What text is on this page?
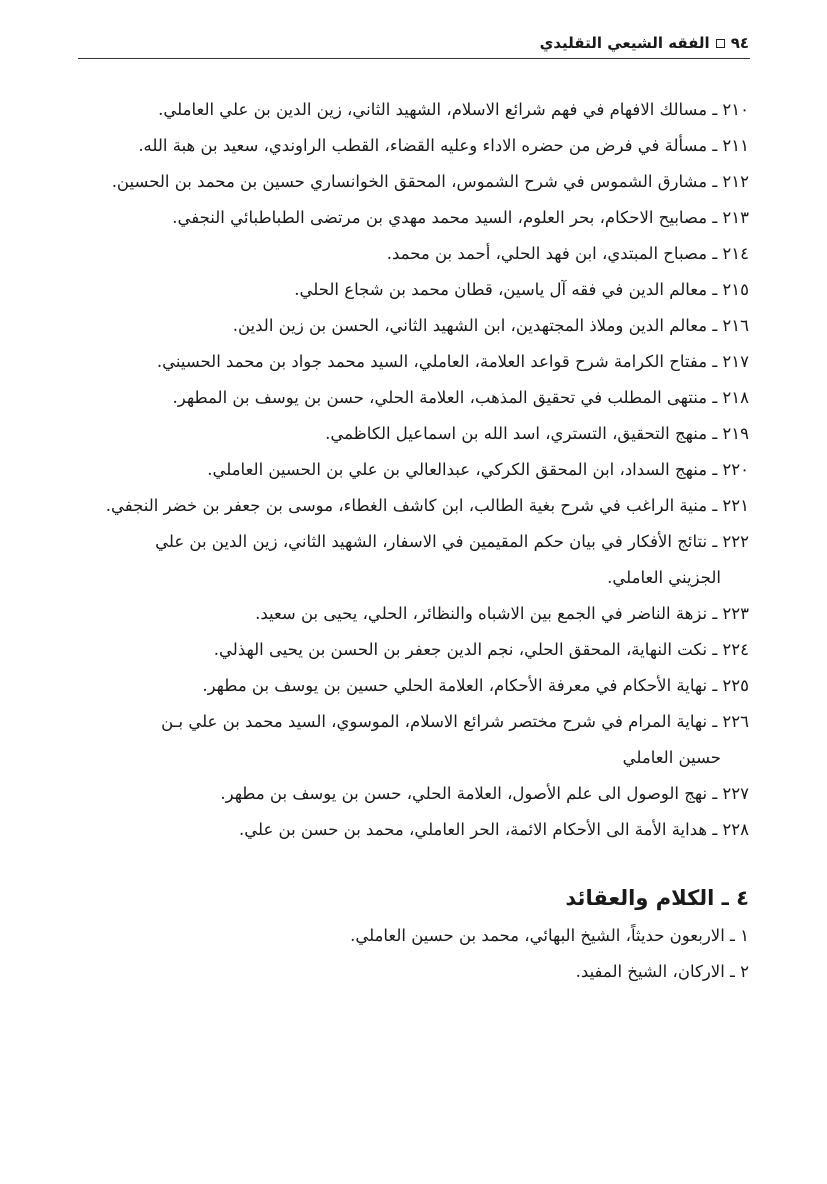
٩٤
الفقه الشيعي التقليدي
٢١٠ ـ مسالك الافهام في فهم شرائع الاسلام، الشهيد الثاني، زين الدين بن علي العاملي.
٢١١ ـ مسألة في فرض من حضره الاداء وعليه القضاء، القطب الراوندي، سعيد بن هبة الله.
٢١٢ ـ مشارق الشموس في شرح الشموس، المحقق الخوانساري حسين بن محمد بن الحسين.
٢١٣ ـ مصابيح الاحكام، بحر العلوم، السيد محمد مهدي بن مرتضى الطباطبائي النجفي.
٢١٤ ـ مصباح المبتدي، ابن فهد الحلي، أحمد بن محمد.
٢١٥ ـ معالم الدين في فقه آل ياسين، قطان محمد بن شجاع الحلي.
٢١٦ ـ معالم الدين وملاذ المجتهدين، ابن الشهيد الثاني، الحسن بن زين الدين.
٢١٧ ـ مفتاح الكرامة شرح قواعد العلامة، العاملي، السيد محمد جواد بن محمد الحسيني.
٢١٨ ـ منتهى المطلب في تحقيق المذهب، العلامة الحلي، حسن بن يوسف بن المطهر.
٢١٩ ـ منهج التحقيق، التستري، اسد الله بن اسماعيل الكاظمي.
٢٢٠ ـ منهج السداد، ابن المحقق الكركي، عبدالعالي بن علي بن الحسين العاملي.
٢٢١ ـ منية الراغب في شرح بغية الطالب، ابن كاشف الغطاء، موسى بن جعفر بن خضر النجفي.
٢٢٢ ـ نتائج الأفكار في بيان حكم المقيمين في الاسفار، الشهيد الثاني، زين الدين بن علي
الجزيني العاملي.
٢٢٣ ـ نزهة الناضر في الجمع بين الاشباه والنظائر، الحلي، يحيى بن سعيد.
٢٢٤ ـ نكت النهاية، المحقق الحلي، نجم الدين جعفر بن الحسن بن يحيى الهذلي.
٢٢٥ ـ نهاية الأحكام في معرفة الأحكام، العلامة الحلي حسين بن يوسف بن مطهر.
٢٢٦ ـ نهاية المرام في شرح مختصر شرائع الاسلام، الموسوي، السيد محمد بن علي بـن
حسين العاملي
٢٢٧ ـ نهج الوصول الى علم الأصول، العلامة الحلي، حسن بن يوسف بن مطهر.
٢٢٨ ـ هداية الأمة الى الأحكام الائمة، الحر العاملي، محمد بن حسن بن علي.
٤ ـ الكلام والعقائد
١ ـ الاربعون حديثاً، الشيخ البهائي، محمد بن حسين العاملي.
٢ ـ الاركان، الشيخ المفيد.
